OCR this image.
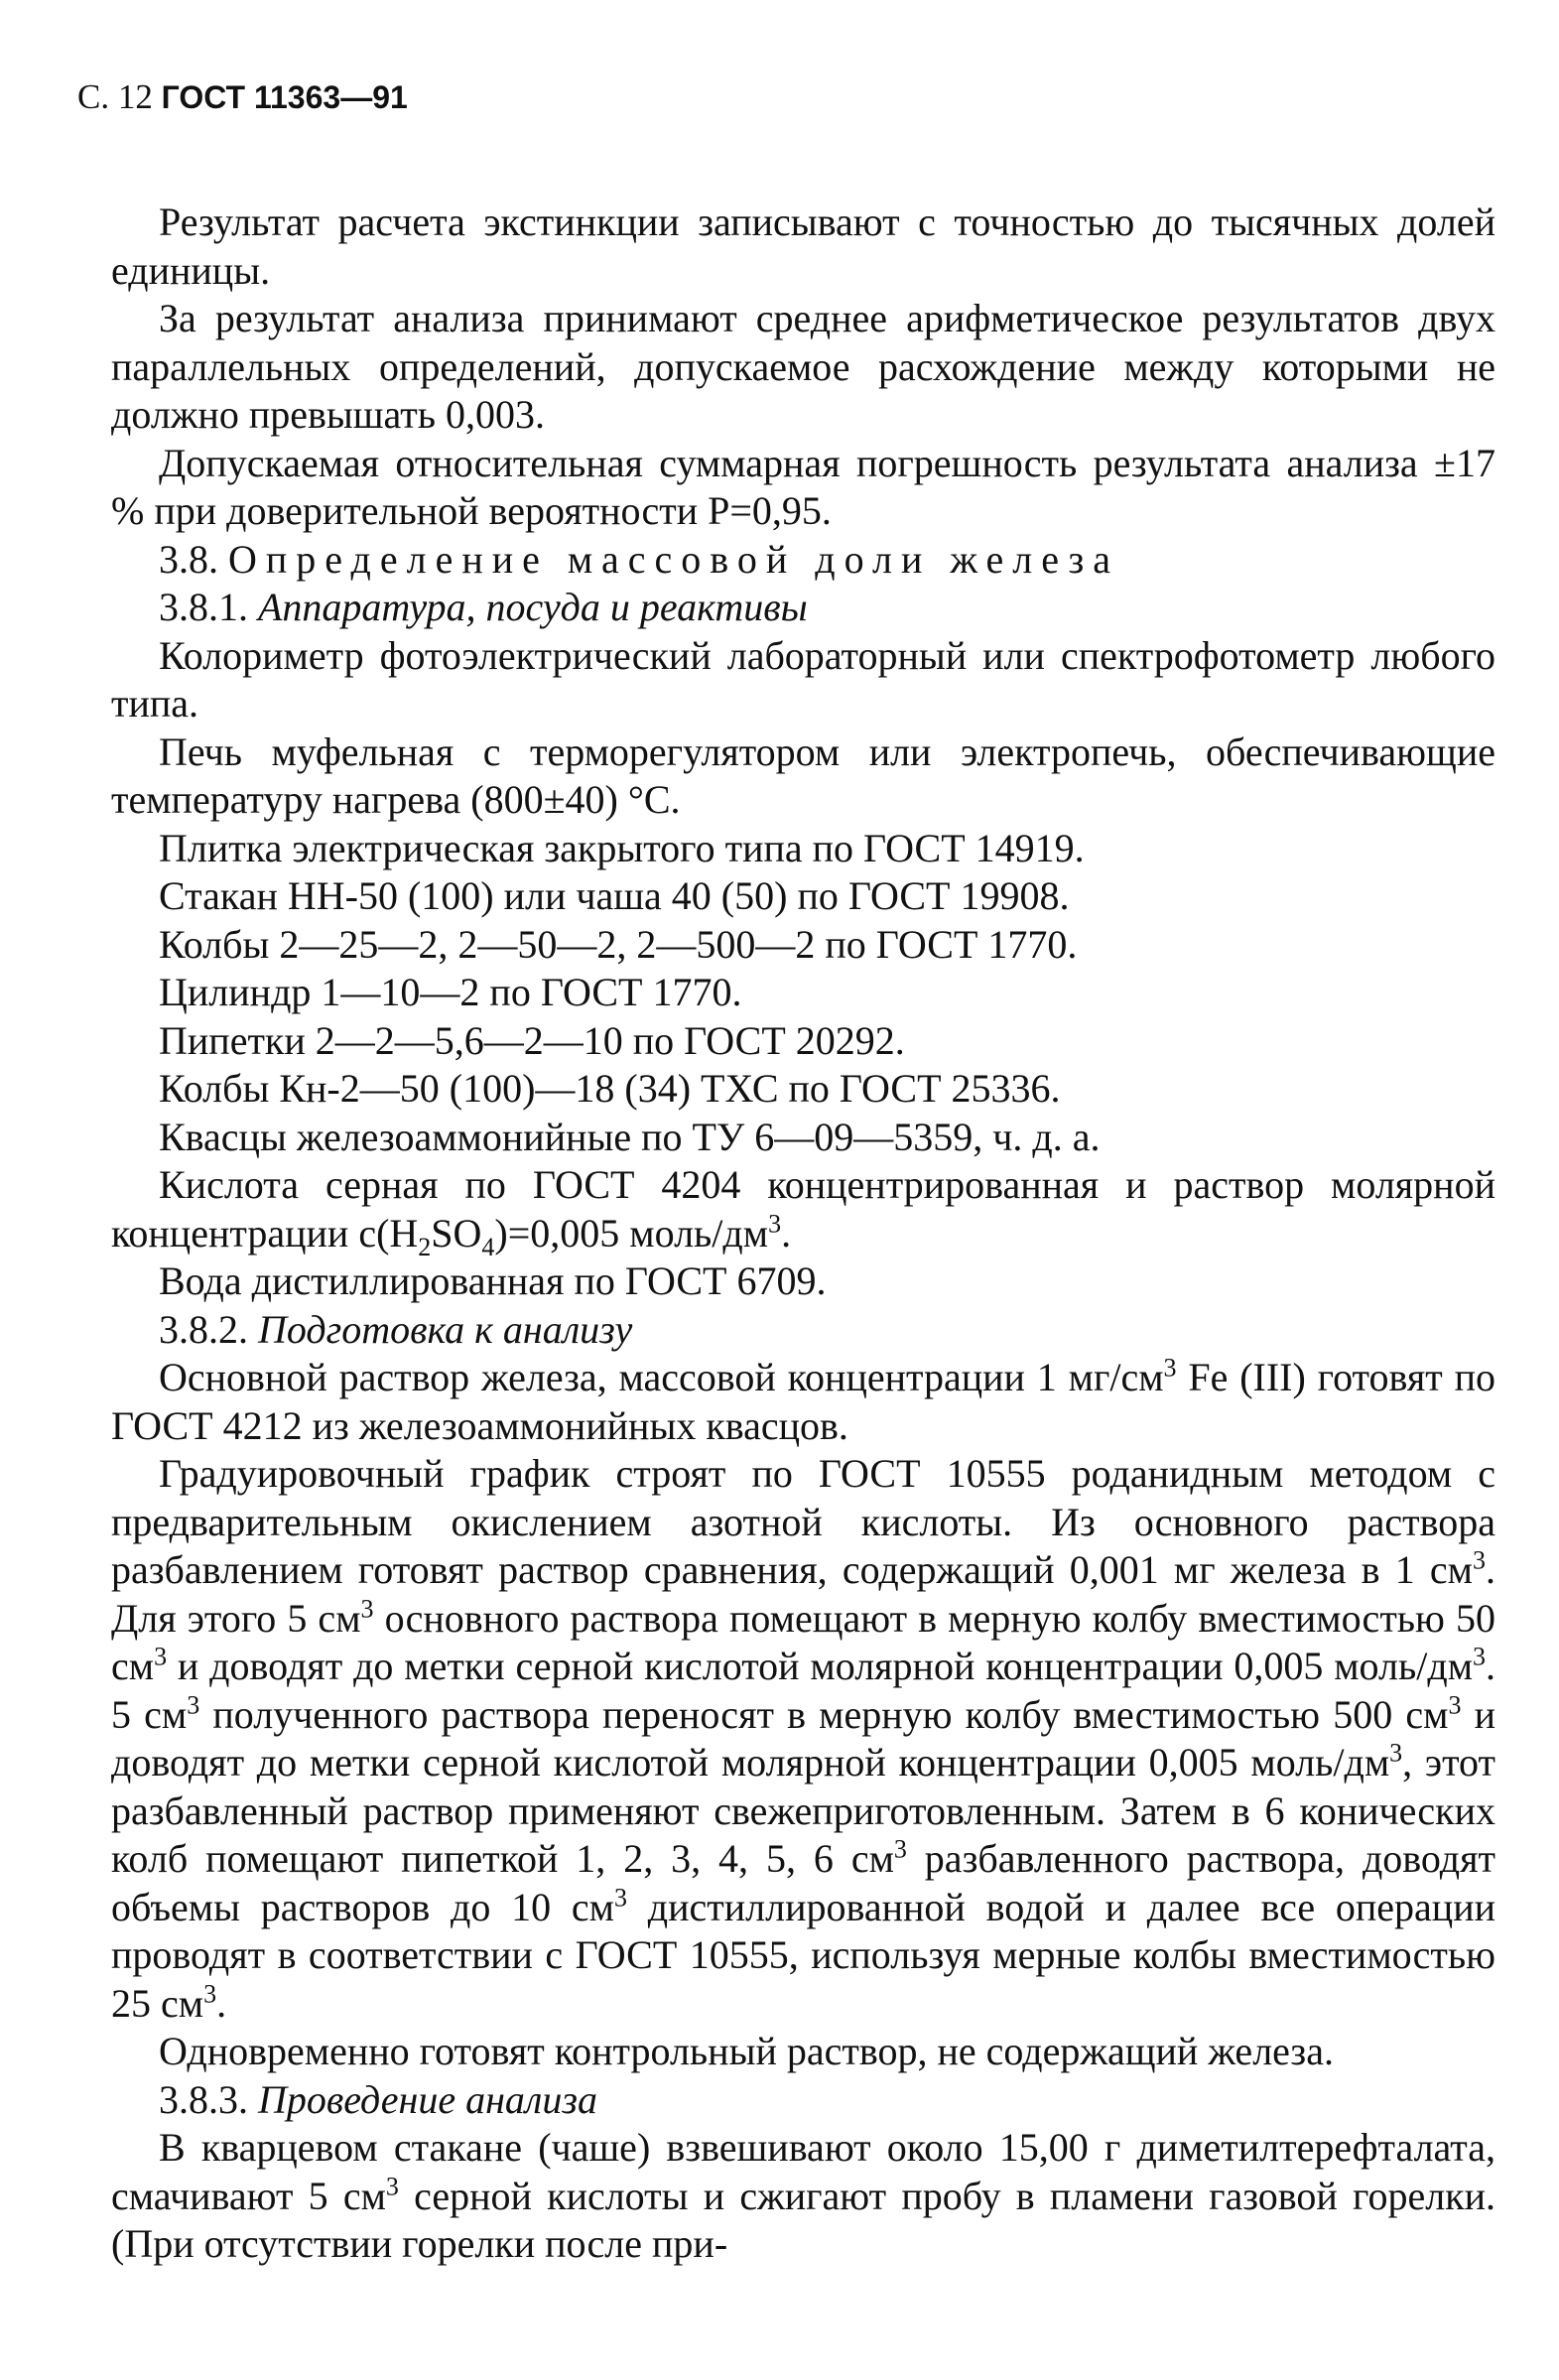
С. 12 ГОСТ 11363—91

Результат расчета экстинкции записывают с точностью до тысячных долей единицы.

За результат анализа принимают среднее арифметическое результатов двух параллельных определений, допускаемое расхождение между которыми не должно превышать 0,003.

Допускаемая относительная суммарная погрешность результата анализа ±17 % при доверительной вероятности P=0,95.

3.8. Определение массовой доли железа

3.8.1. Аппаратура, посуда и реактивы

Колориметр фотоэлектрический лабораторный или спектрофотометр любого типа.

Печь муфельная с терморегулятором или электропечь, обеспечивающие температуру нагрева (800±40) °С.

Плитка электрическая закрытого типа по ГОСТ 14919.

Стакан НН-50 (100) или чаша 40 (50) по ГОСТ 19908.

Колбы 2—25—2, 2—50—2, 2—500—2 по ГОСТ 1770.

Цилиндр 1—10—2 по ГОСТ 1770.

Пипетки 2—2—5,6—2—10 по ГОСТ 20292.

Колбы Кн-2—50 (100)—18 (34) ТХС по ГОСТ 25336.

Квасцы железоаммонийные по ТУ 6—09—5359, ч. д. а.

Кислота серная по ГОСТ 4204 концентрированная и раствор молярной концентрации $c(H_2SO_4)=0,005$ моль/$дм^3$.

Вода дистиллированная по ГОСТ 6709.

3.8.2. Подготовка к анализу

Основной раствор железа, массовой концентрации 1 $мг/см^3$ Fe (III) готовят по ГОСТ 4212 из железоаммонийных квасцов.

Градуировочный график строят по ГОСТ 10555 роданидным методом с предварительным окислением азотной кислоты. Из основного раствора разбавлением готовят раствор сравнения, содержащий 0,001 мг железа в 1 $см^3$. Для этого 5 $см^3$ основного раствора помещают в мерную колбу вместимостью 50 $см^3$ и доводят до метки серной кислотой молярной концентрации 0,005 моль/$дм^3$. 5 $см^3$ полученного раствора переносят в мерную колбу вместимостью 500 $см^3$ и доводят до метки серной кислотой молярной концентрации 0,005 моль/$дм^3$, этот разбавленный раствор применяют свежеприготовленным. Затем в 6 конических колб помещают пипеткой 1, 2, 3, 4, 5, 6 $см^3$ разбавленного раствора, доводят объемы растворов до 10 $см^3$ дистиллированной водой и далее все операции проводят в соответствии с ГОСТ 10555, используя мерные колбы вместимостью 25 $см^3$.

Одновременно готовят контрольный раствор, не содержащий железа.

3.8.3. Проведение анализа

В кварцевом стакане (чаше) взвешивают около 15,00 г диметилтерефталата, смачивают 5 $см^3$ серной кислоты и сжигают пробу в пламени газовой горелки. (При отсутствии горелки после при-
